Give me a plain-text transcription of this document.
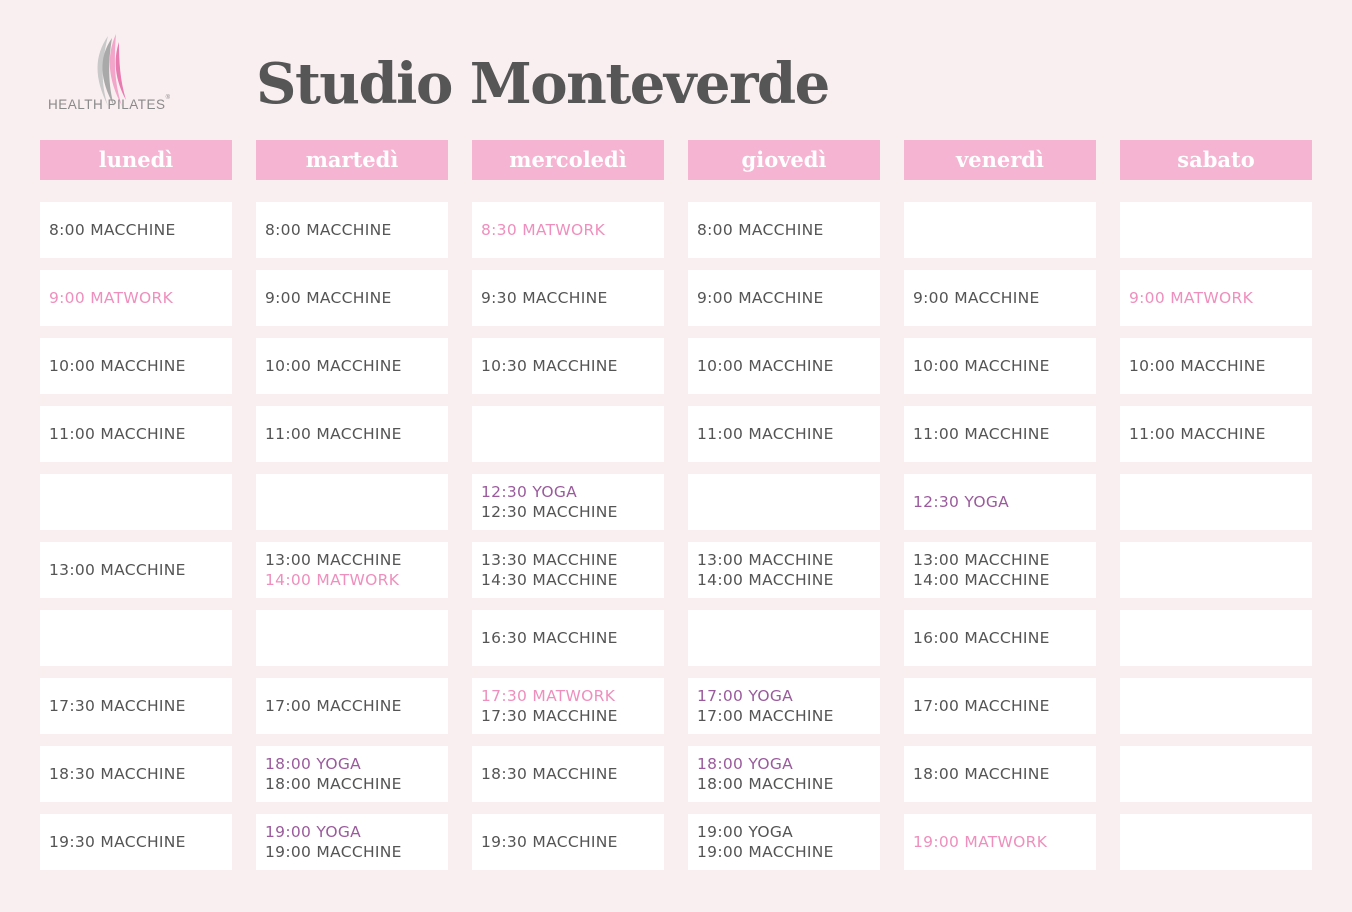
HEALTH PILATES® Studio Monteverde
lunedì
8:00 MACCHINE
9:00 MATWORK
10:00 MACCHINE
11:00 MACCHINE
13:00 MACCHINE
17:30 MACCHINE
18:30 MACCHINE
19:30 MACCHINE
martedì
8:00 MACCHINE
9:00 MACCHINE
10:00 MACCHINE
11:00 MACCHINE
13:00 MACCHINE
14:00 MATWORK
17:00 MACCHINE
18:00 YOGA
18:00 MACCHINE
19:00 YOGA
19:00 MACCHINE
mercoledì
8:30 MATWORK
9:30 MACCHINE
10:30 MACCHINE
12:30 YOGA
12:30 MACCHINE
13:30 MACCHINE
14:30 MACCHINE
16:30 MACCHINE
17:30 MATWORK
17:30 MACCHINE
18:30 MACCHINE
19:30 MACCHINE
giovedì
8:00 MACCHINE
9:00 MACCHINE
10:00 MACCHINE
11:00 MACCHINE
13:00 MACCHINE
14:00 MACCHINE
17:00 YOGA
17:00 MACCHINE
18:00 YOGA
18:00 MACCHINE
19:00 YOGA
19:00 MACCHINE
venerdì
9:00 MACCHINE
10:00 MACCHINE
11:00 MACCHINE
12:30 YOGA
13:00 MACCHINE
14:00 MACCHINE
16:00 MACCHINE
17:00 MACCHINE
18:00 MACCHINE
19:00 MATWORK
sabato
9:00 MATWORK
10:00 MACCHINE
11:00 MACCHINE
